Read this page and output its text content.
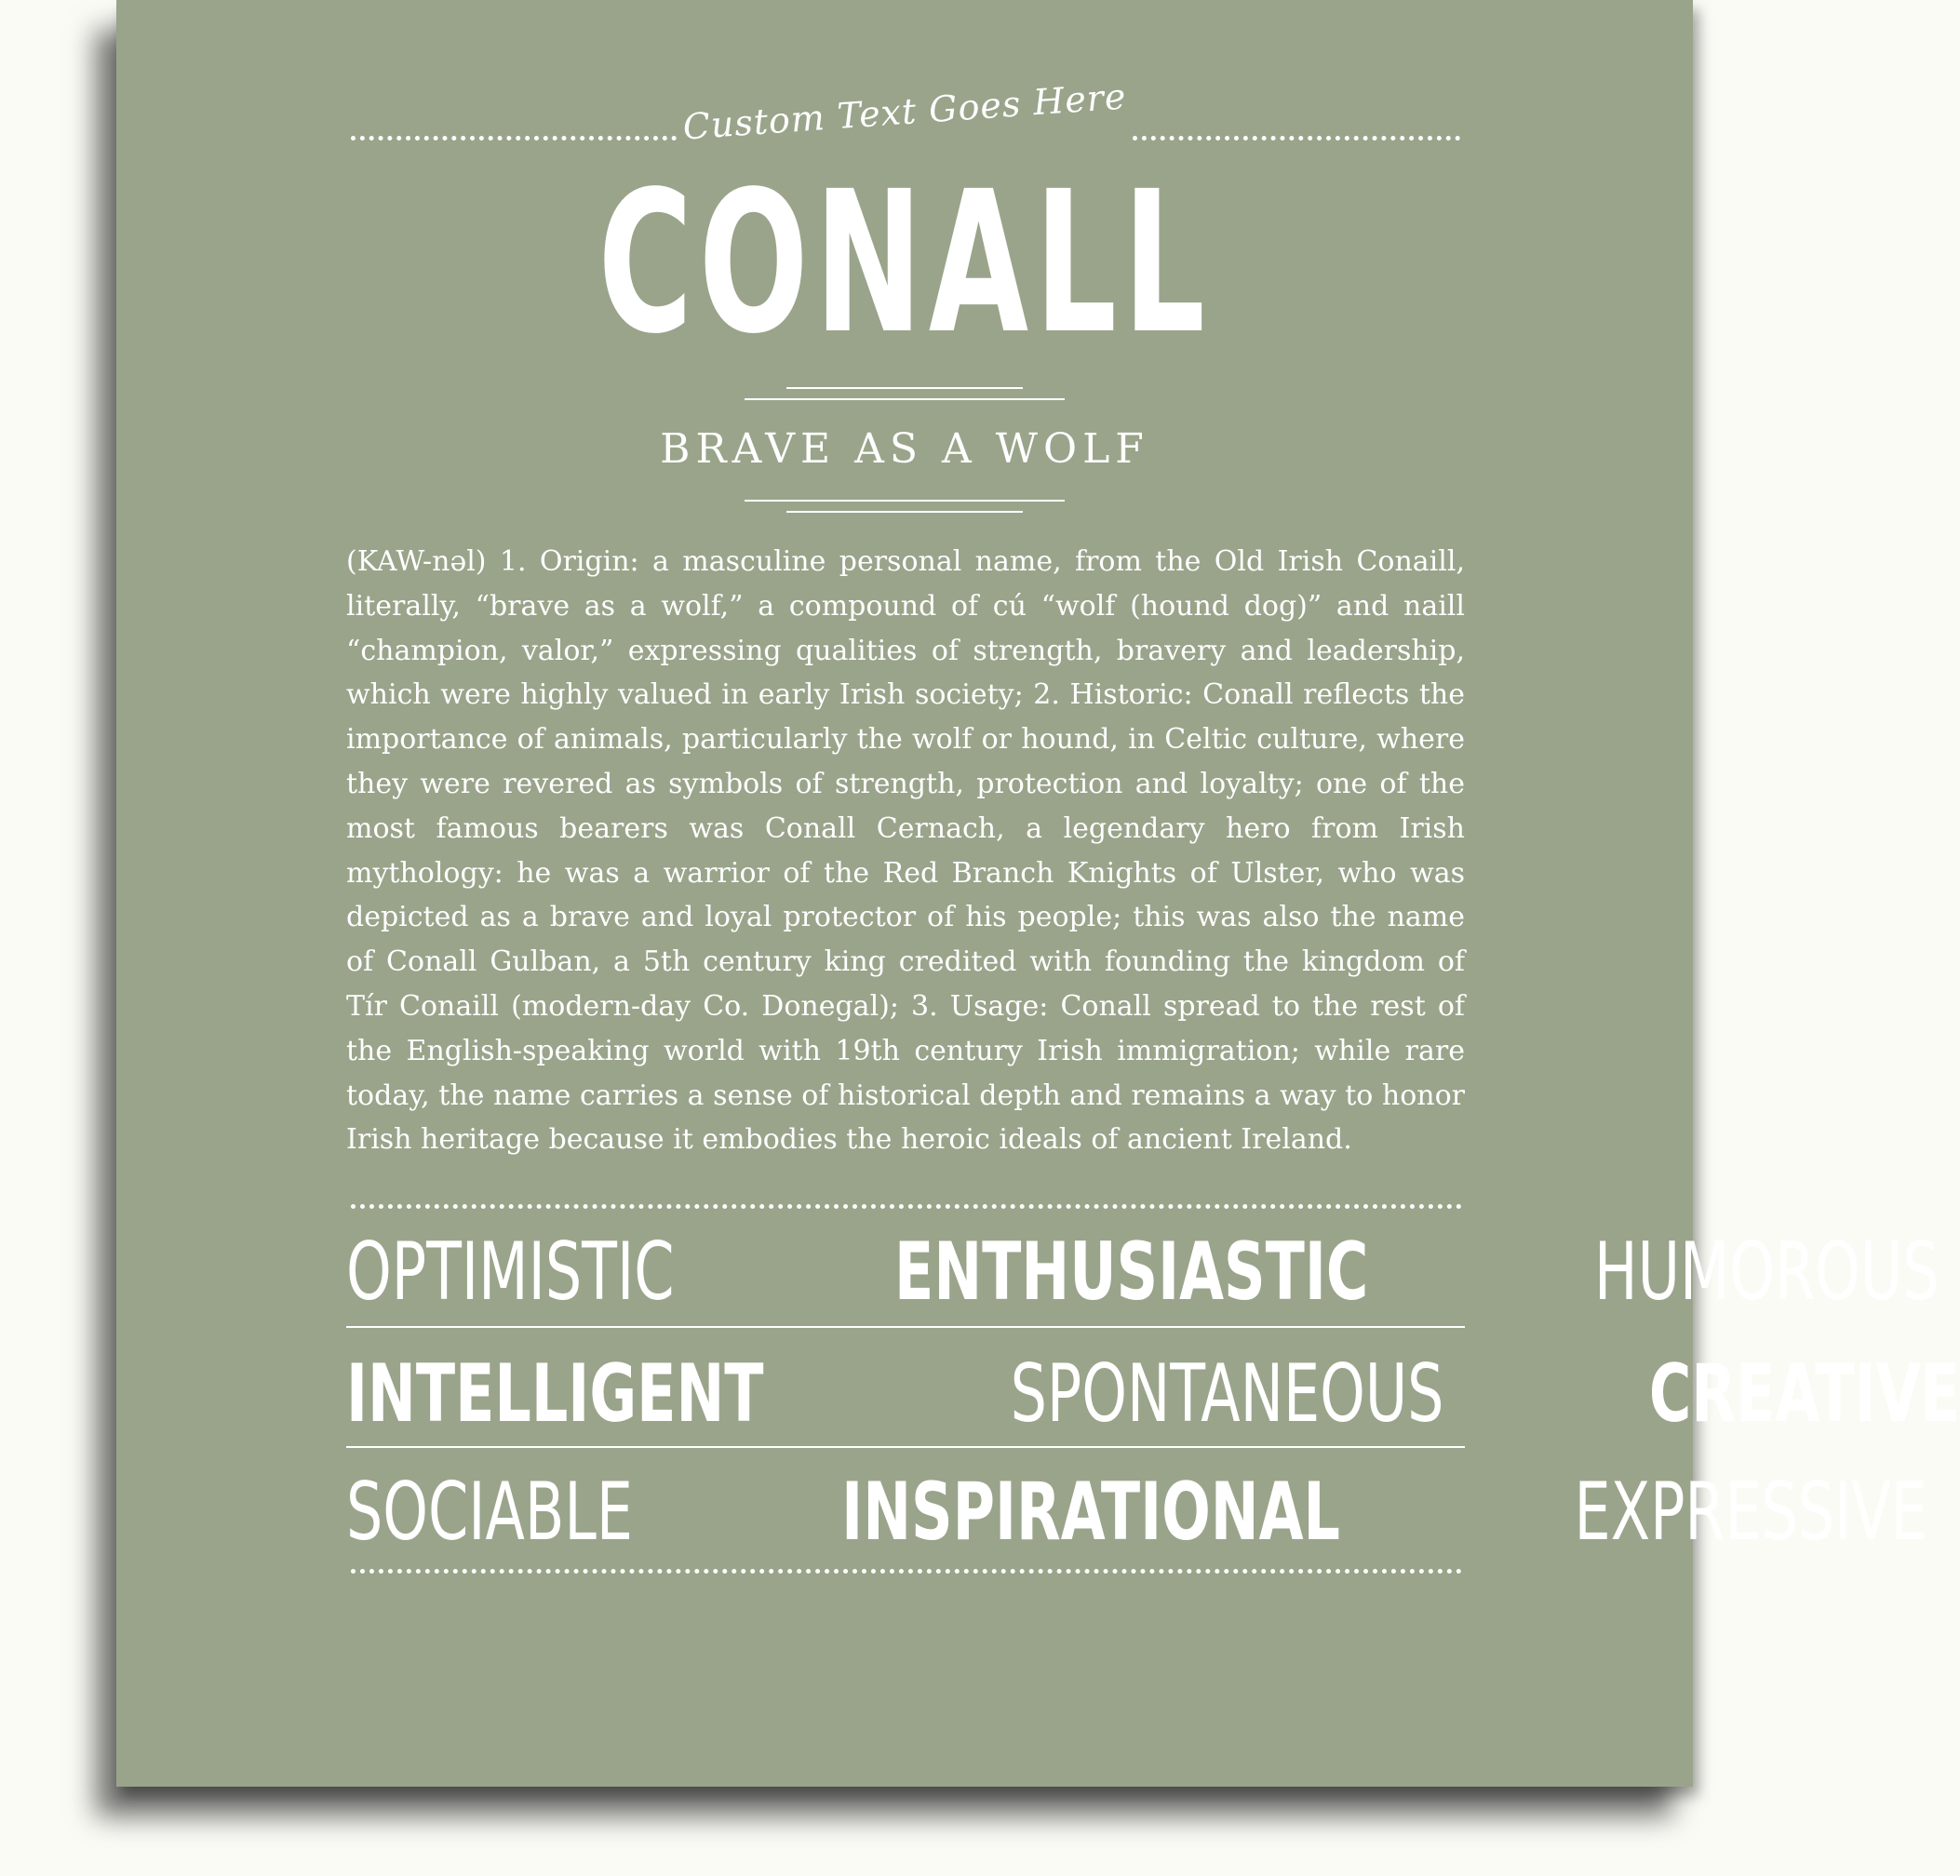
Custom Text Goes Here
CONALL
BRAVE AS A WOLF
(KAW-nəl) 1. Origin: a masculine personal name, from the Old Irish Conaill, literally, “brave as a wolf,” a compound of cú “wolf (hound dog)” and naill “champion, valor,” expressing qualities of strength, bravery and leadership, which were highly valued in early Irish society; 2. Historic: Conall reflects the importance of animals, particularly the wolf or hound, in Celtic culture, where they were revered as symbols of strength, protection and loyalty; one of the most famous bearers was Conall Cernach, a legendary hero from Irish mythology: he was a warrior of the Red Branch Knights of Ulster, who was depicted as a brave and loyal protector of his people; this was also the name of Conall Gulban, a 5th century king credited with founding the kingdom of Tír Conaill (modern-day Co. Donegal); 3. Usage: Conall spread to the rest of the English-speaking world with 19th century Irish immigration; while rare today, the name carries a sense of historical depth and remains a way to honor Irish heritage because it embodies the heroic ideals of ancient Ireland.
OPTIMISTIC	ENTHUSIASTIC	HUMOROUS
INTELLIGENT	SPONTANEOUS	CREATIVE
SOCIABLE	INSPIRATIONAL	EXPRESSIVE
